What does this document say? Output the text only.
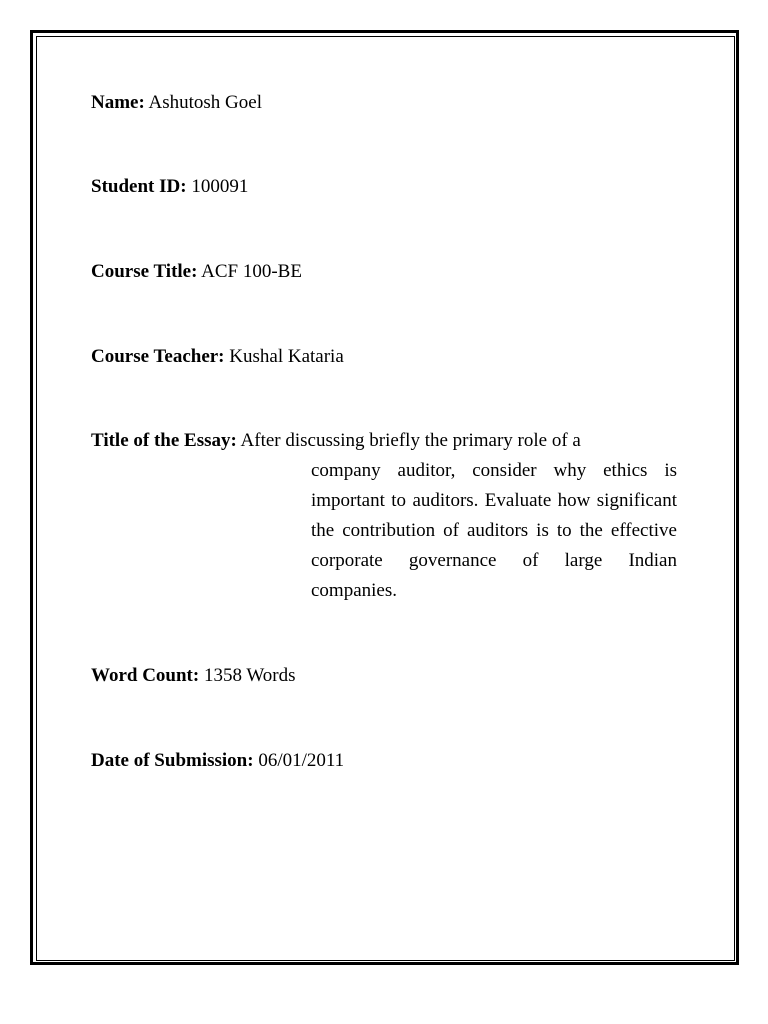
Name: Ashutosh Goel
Student ID: 100091
Course Title: ACF 100-BE
Course Teacher: Kushal Kataria
Title of the Essay: After discussing briefly the primary role of a
company auditor, consider why ethics is important to auditors. Evaluate how significant the contribution of auditors is to the effective corporate governance of large Indian companies.
Word Count: 1358 Words
Date of Submission: 06/01/2011
